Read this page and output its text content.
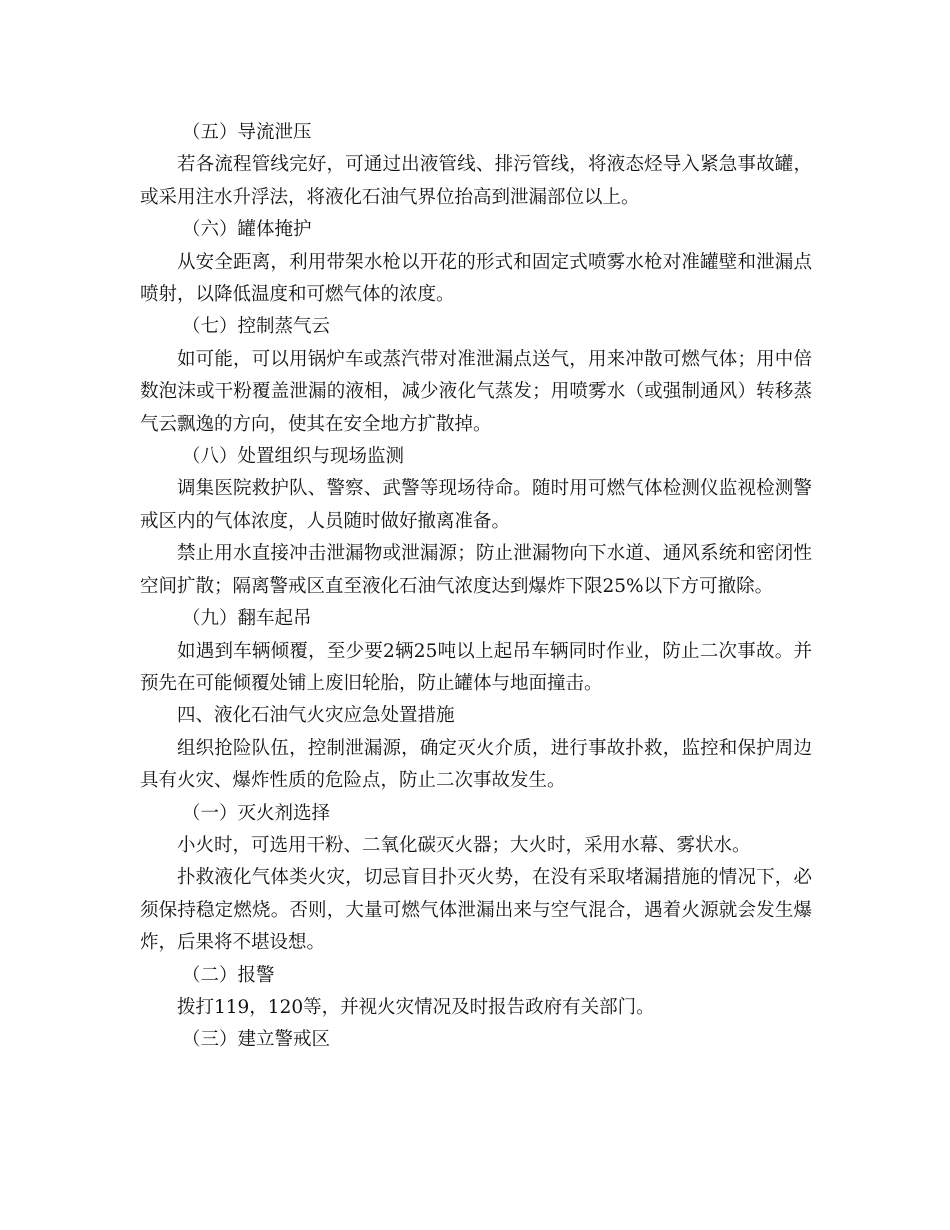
（五）导流泄压

若各流程管线完好，可通过出液管线、排污管线，将液态烃导入紧急事故罐，或采用注水升浮法，将液化石油气界位抬高到泄漏部位以上。

（六）罐体掩护

从安全距离，利用带架水枪以开花的形式和固定式喷雾水枪对准罐壁和泄漏点喷射，以降低温度和可燃气体的浓度。

（七）控制蒸气云

如可能，可以用锅炉车或蒸汽带对准泄漏点送气，用来冲散可燃气体；用中倍数泡沫或干粉覆盖泄漏的液相，减少液化气蒸发；用喷雾水（或强制通风）转移蒸气云飘逸的方向，使其在安全地方扩散掉。

（八）处置组织与现场监测

调集医院救护队、警察、武警等现场待命。随时用可燃气体检测仪监视检测警戒区内的气体浓度，人员随时做好撤离准备。

禁止用水直接冲击泄漏物或泄漏源；防止泄漏物向下水道、通风系统和密闭性空间扩散；隔离警戒区直至液化石油气浓度达到爆炸下限25%以下方可撤除。

（九）翻车起吊

如遇到车辆倾覆，至少要2辆25吨以上起吊车辆同时作业，防止二次事故。并预先在可能倾覆处铺上废旧轮胎，防止罐体与地面撞击。

四、液化石油气火灾应急处置措施

组织抢险队伍，控制泄漏源，确定灭火介质，进行事故扑救，监控和保护周边具有火灾、爆炸性质的危险点，防止二次事故发生。

（一）灭火剂选择

小火时，可选用干粉、二氧化碳灭火器；大火时，采用水幕、雾状水。

扑救液化气体类火灾，切忌盲目扑灭火势，在没有采取堵漏措施的情况下，必须保持稳定燃烧。否则，大量可燃气体泄漏出来与空气混合，遇着火源就会发生爆炸，后果将不堪设想。

（二）报警

拨打119，120等，并视火灾情况及时报告政府有关部门。

（三）建立警戒区
